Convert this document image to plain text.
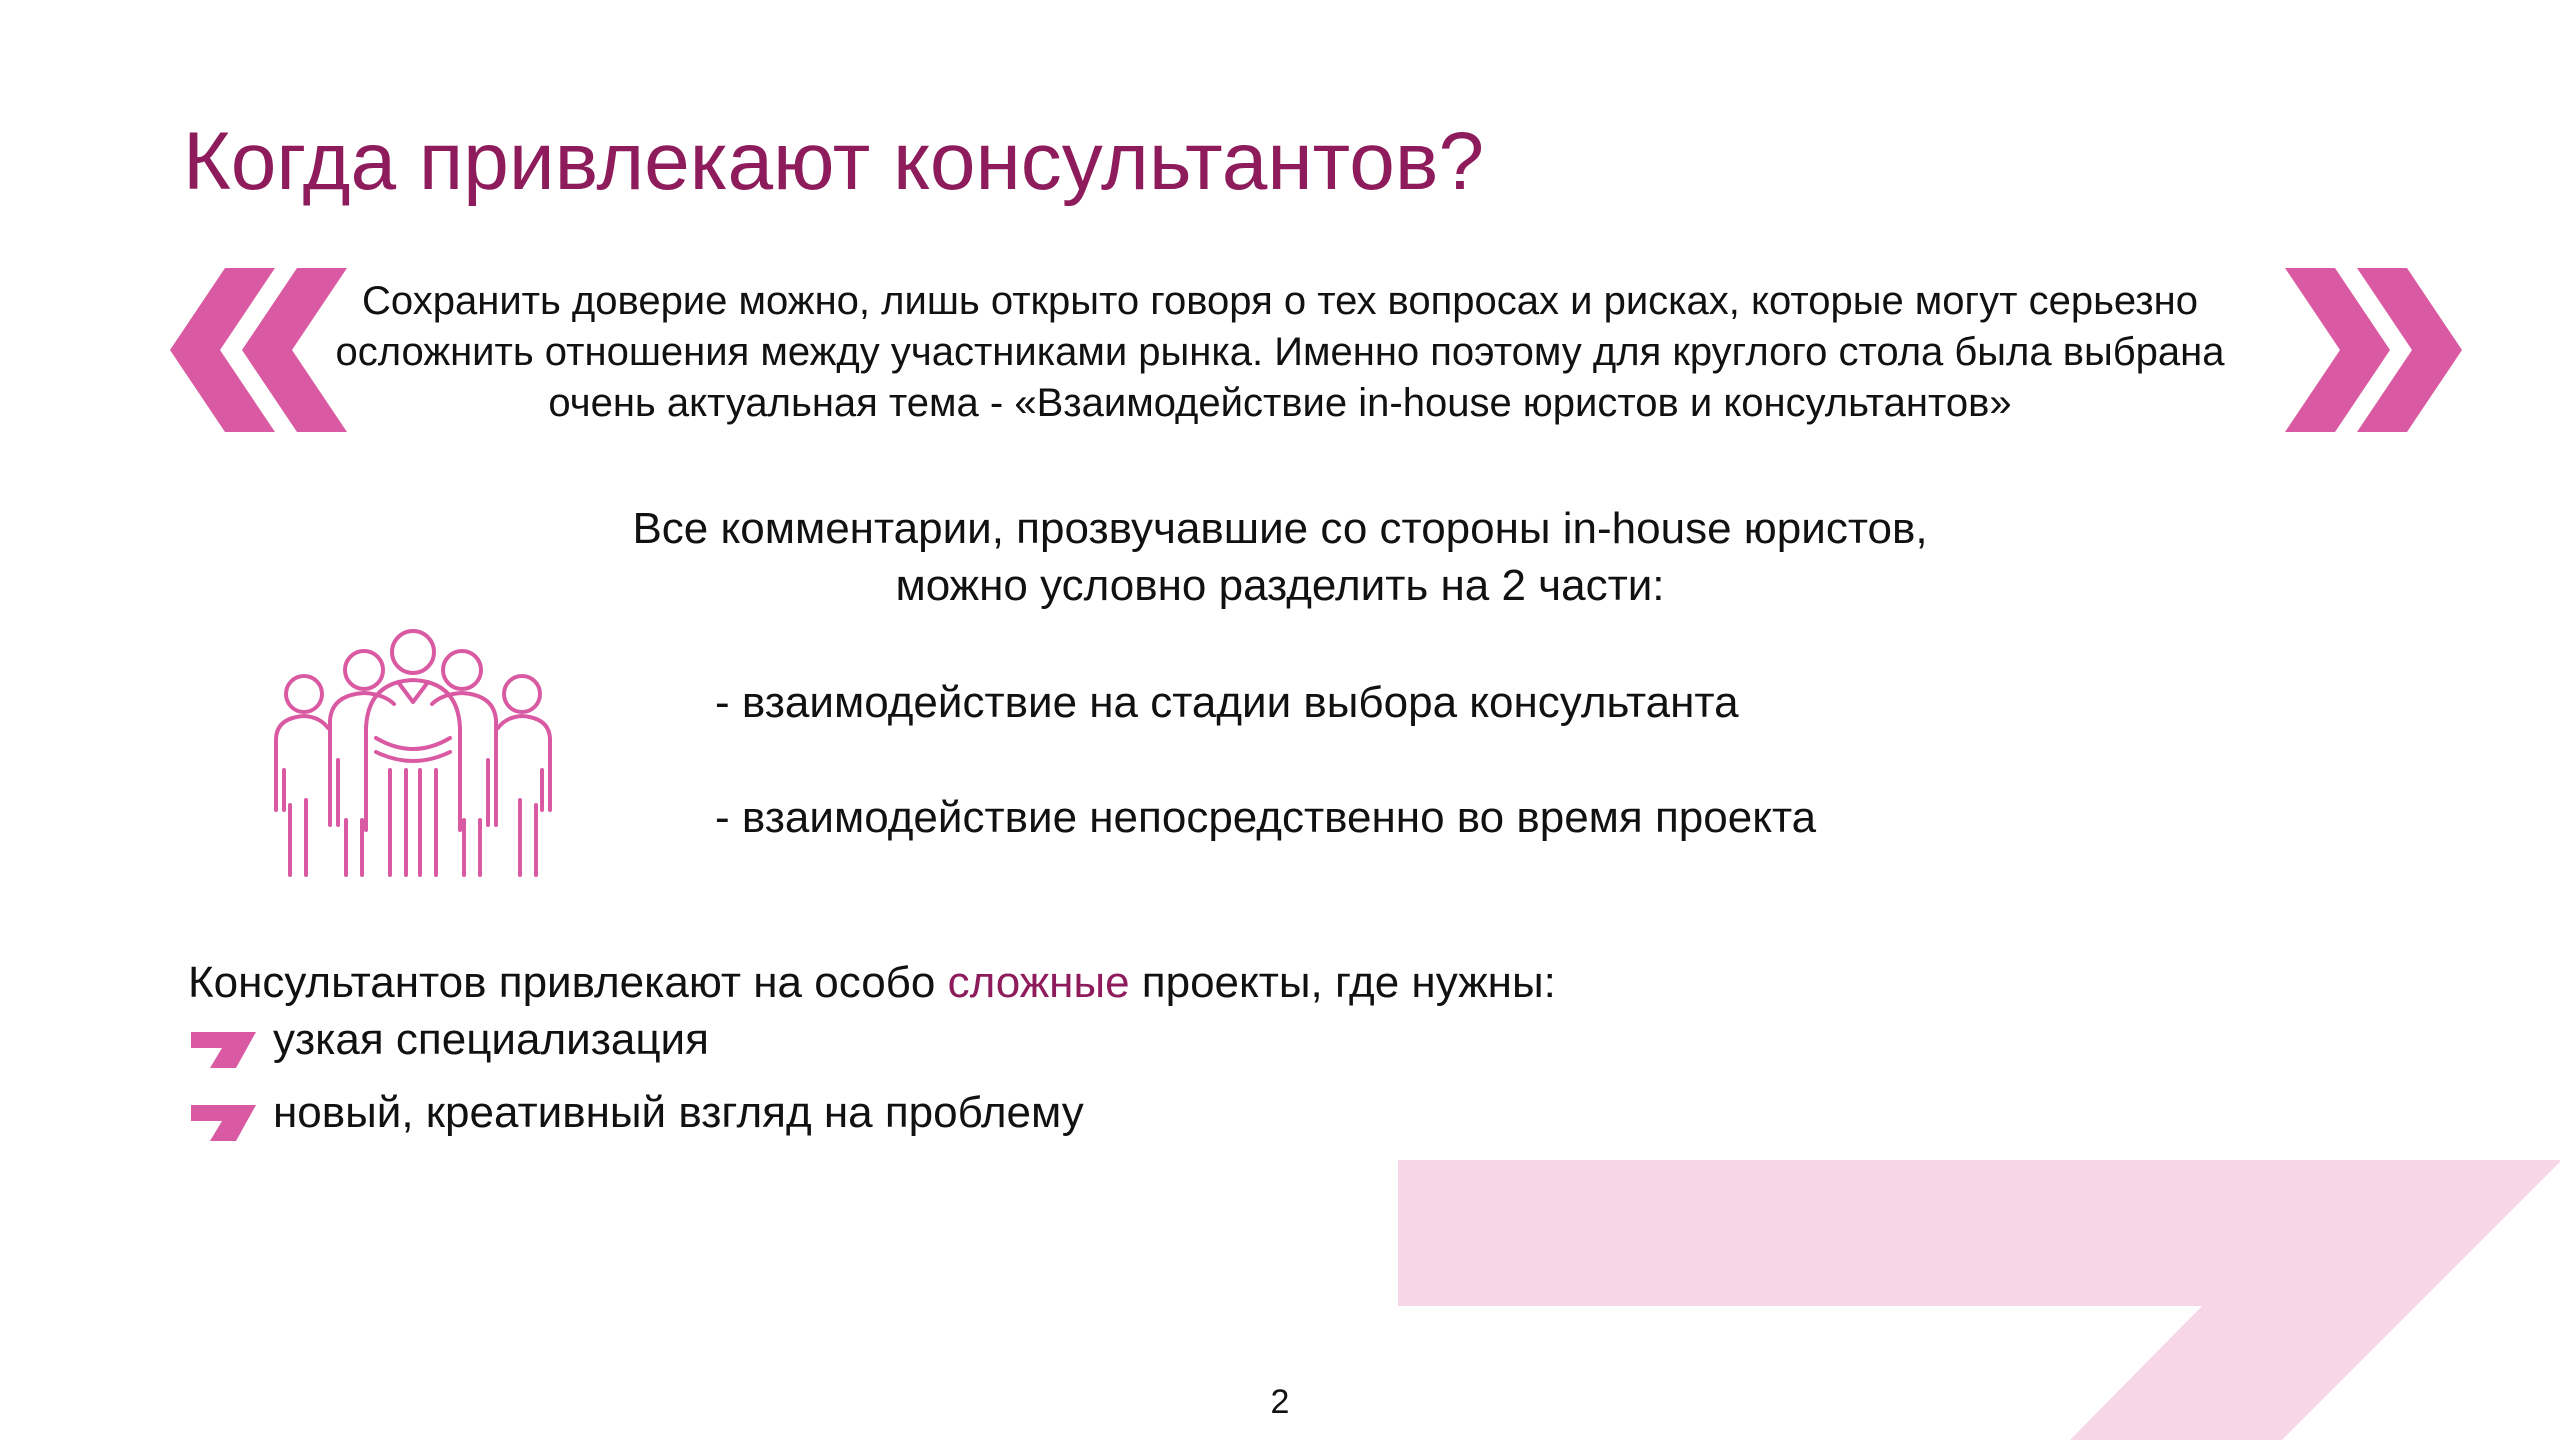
Когда привлекают консультантов?
Сохранить доверие можно, лишь открыто говоря о тех вопросах и рисках, которые могут серьезно
осложнить отношения между участниками рынка. Именно поэтому для круглого стола была выбрана
очень актуальная тема - «Взаимодействие in-house юристов и консультантов»
Все комментарии, прозвучавшие со стороны in-house юристов,
можно условно разделить на 2 части:
- взаимодействие на стадии выбора консультанта
- взаимодействие непосредственно во время проекта
Консультантов привлекают на особо сложные проекты, где нужны:
узкая специализация
новый, креативный взгляд на проблему
2
